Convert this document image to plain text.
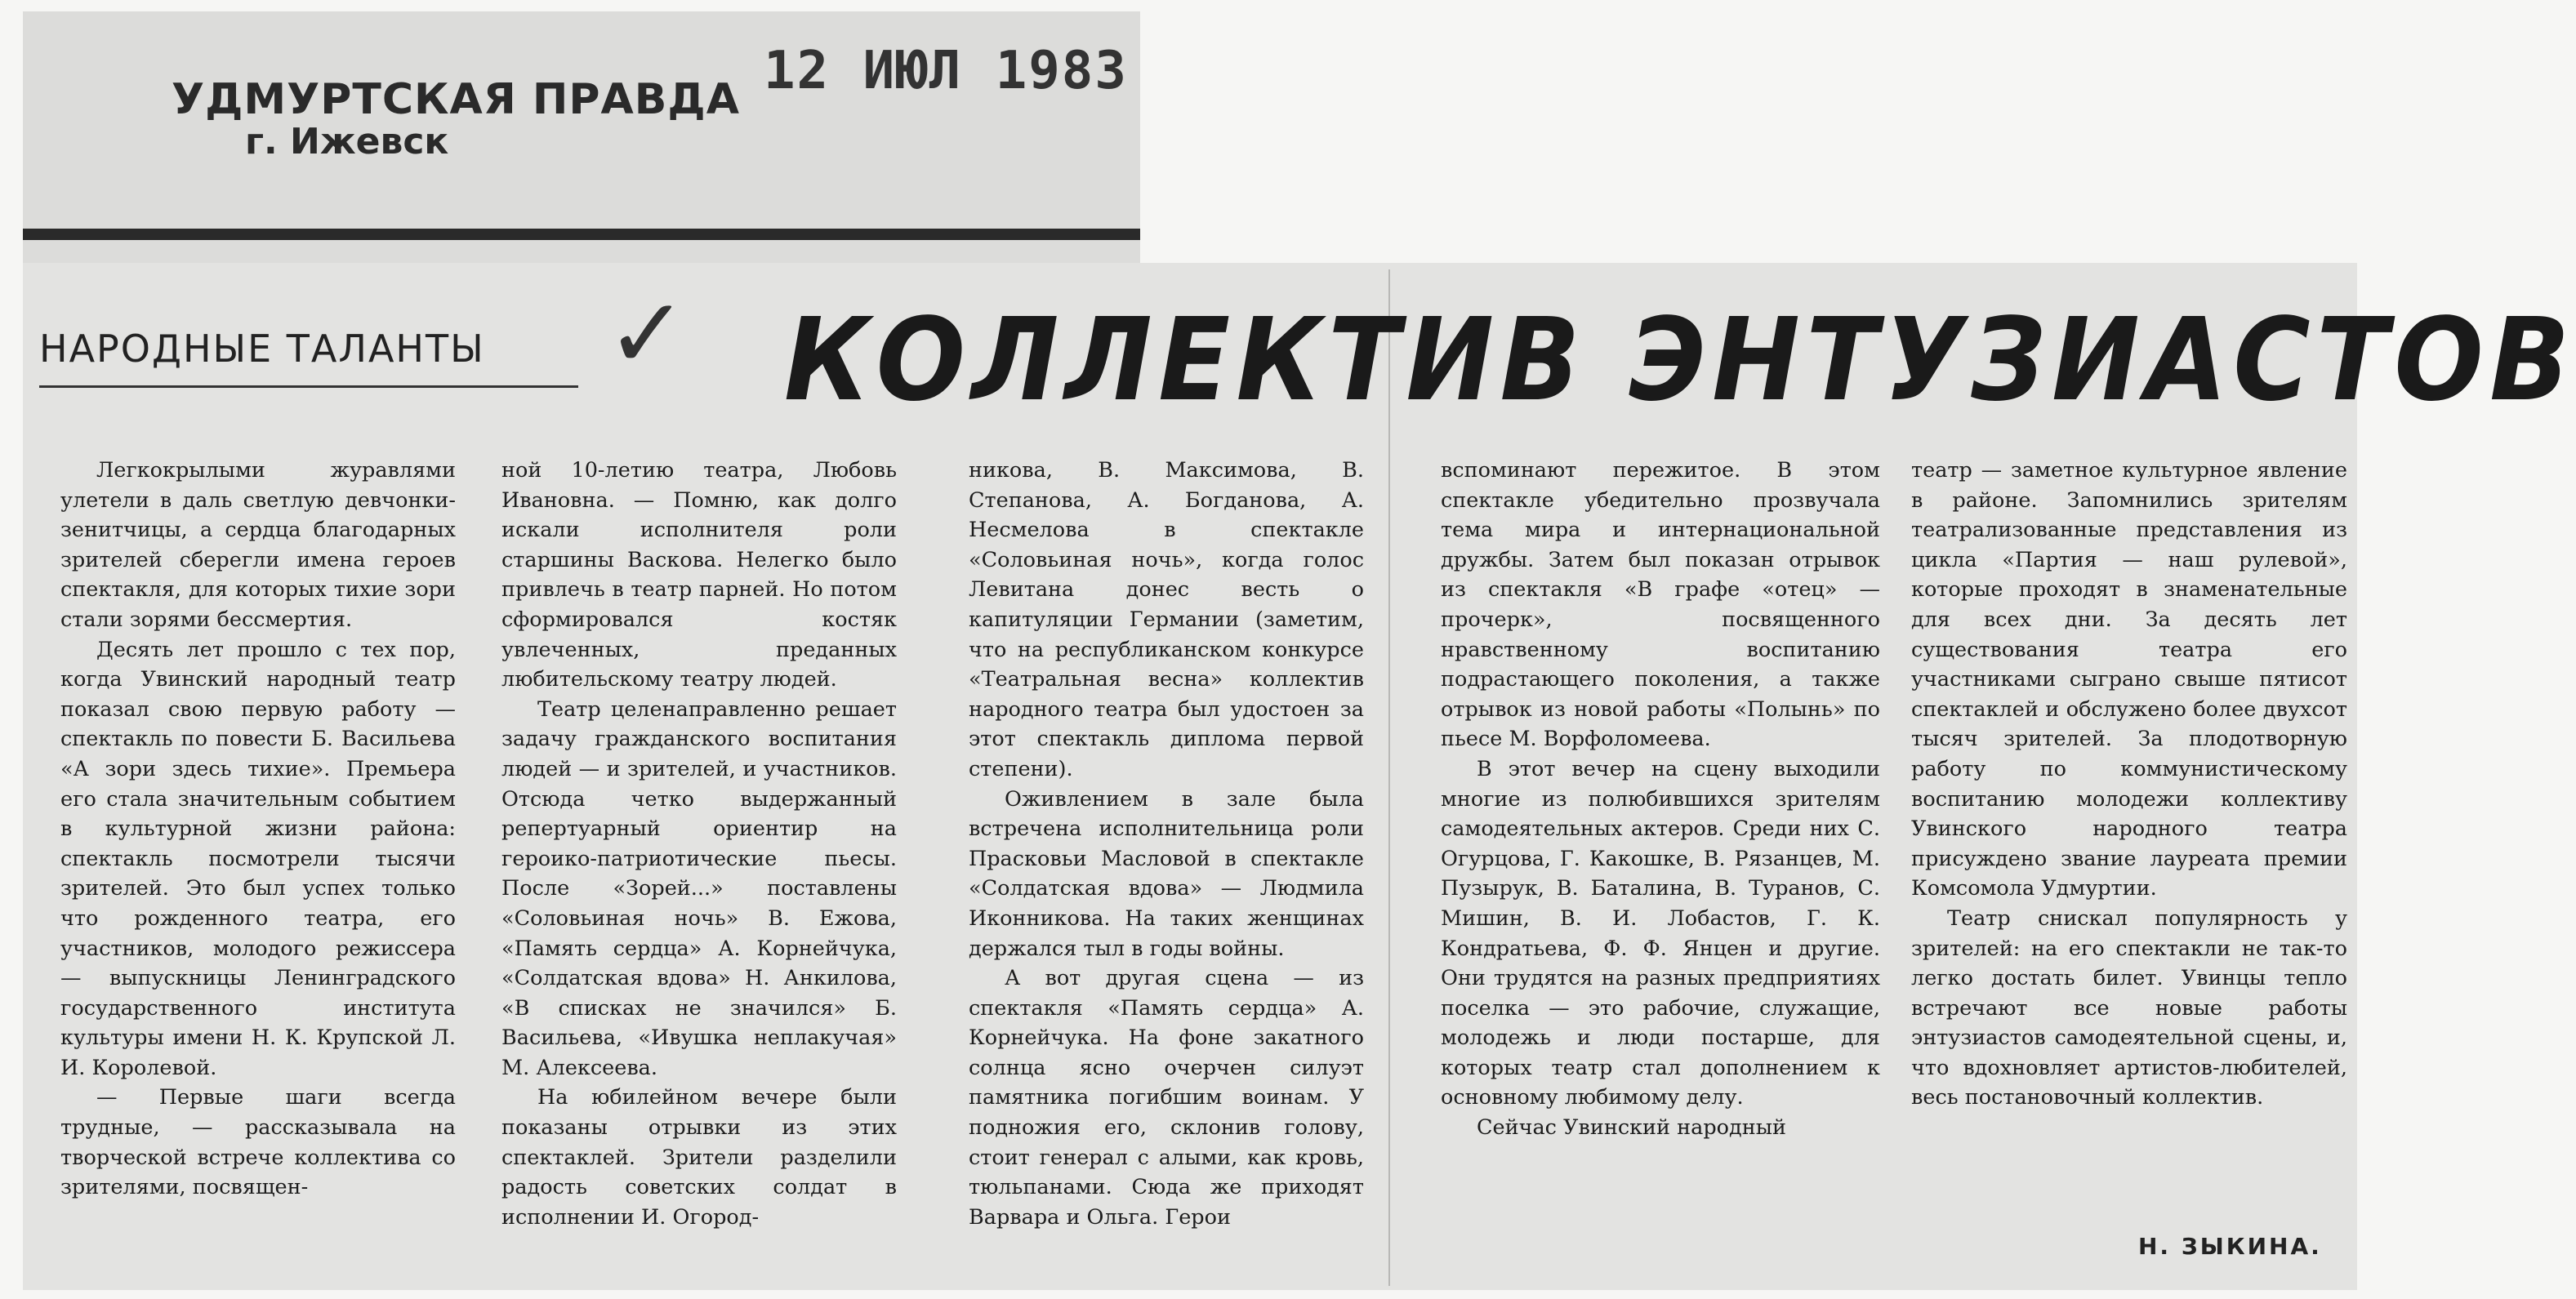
УДМУРТСКАЯ ПРАВДА
г. Ижевск
12 ИЮЛ 1983
НАРОДНЫЕ ТАЛАНТЫ	✓ КОЛЛЕКТИВ ЭНТУЗИАСТОВ

Легкокрылыми журавлями улетели в даль светлую девчонки-зенитчицы, а сердца благодарных зрителей сберегли имена героев спектакля, для которых тихие зори стали зорями бессмертия.

Десять лет прошло с тех пор, когда Увинский народный театр показал свою первую работу — спектакль по повести Б. Васильева «А зори здесь тихие». Премьера его стала значительным событием в культурной жизни района: спектакль посмотрели тысячи зрителей. Это был успех только что рожденного театра, его участников, молодого режиссера — выпускницы Ленинградского государственного института культуры имени Н. К. Крупской Л. И. Королевой.

— Первые шаги всегда трудные, — рассказывала на творческой встрече коллектива со зрителями, посвящен-

ной 10-летию театра, Любовь Ивановна. — Помню, как долго искали исполнителя роли старшины Васкова. Нелегко было привлечь в театр парней. Но потом сформировался костяк увлеченных, преданных любительскому театру людей.

Театр целенаправленно решает задачу гражданского воспитания людей — и зрителей, и участников. Отсюда четко выдержанный репертуарный ориентир на героико-патриотические пьесы. После «Зорей...» поставлены «Соловьиная ночь» В. Ежова, «Память сердца» А. Корнейчука, «Солдатская вдова» Н. Анкилова, «В списках не значился» Б. Васильева, «Ивушка неплакучая» М. Алексеева.

На юбилейном вечере были показаны отрывки из этих спектаклей. Зрители разделили радость советских солдат в исполнении И. Огород-

никова, В. Максимова, В. Степанова, А. Богданова, А. Несмелова в спектакле «Соловьиная ночь», когда голос Левитана донес весть о капитуляции Германии (заметим, что на республиканском конкурсе «Театральная весна» коллектив народного театра был удостоен за этот спектакль диплома первой степени).

Оживлением в зале была встречена исполнительница роли Прасковьи Масловой в спектакле «Солдатская вдова» — Людмила Иконникова. На таких женщинах держался тыл в годы войны.

А вот другая сцена — из спектакля «Память сердца» А. Корнейчука. На фоне закатного солнца ясно очерчен силуэт памятника погибшим воинам. У подножия его, склонив голову, стоит генерал с алыми, как кровь, тюльпанами. Сюда же приходят Варвара и Ольга. Герои

вспоминают пережитое. В этом спектакле убедительно прозвучала тема мира и интернациональной дружбы. Затем был показан отрывок из спектакля «В графе «отец» — прочерк», посвященного нравственному воспитанию подрастающего поколения, а также отрывок из новой работы «Полынь» по пьесе М. Ворфоломеева.

В этот вечер на сцену выходили многие из полюбившихся зрителям самодеятельных актеров. Среди них С. Огурцова, Г. Какошке, В. Рязанцев, М. Пузырук, В. Баталина, В. Туранов, С. Мишин, В. И. Лобастов, Г. К. Кондратьева, Ф. Ф. Янцен и другие. Они трудятся на разных предприятиях поселка — это рабочие, служащие, молодежь и люди постарше, для которых театр стал дополнением к основному любимому делу.

Сейчас Увинский народный

театр — заметное культурное явление в районе. Запомнились зрителям театрализованные представления из цикла «Партия — наш рулевой», которые проходят в знаменательные для всех дни. За десять лет существования театра его участниками сыграно свыше пятисот спектаклей и обслужено более двухсот тысяч зрителей. За плодотворную работу по коммунистическому воспитанию молодежи коллективу Увинского народного театра присуждено звание лауреата премии Комсомола Удмуртии.

Театр снискал популярность у зрителей: на его спектакли не так-то легко достать билет. Увинцы тепло встречают все новые работы энтузиастов самодеятельной сцены, и, что вдохновляет артистов-любителей, весь постановочный коллектив.

Н. ЗЫКИНА.
